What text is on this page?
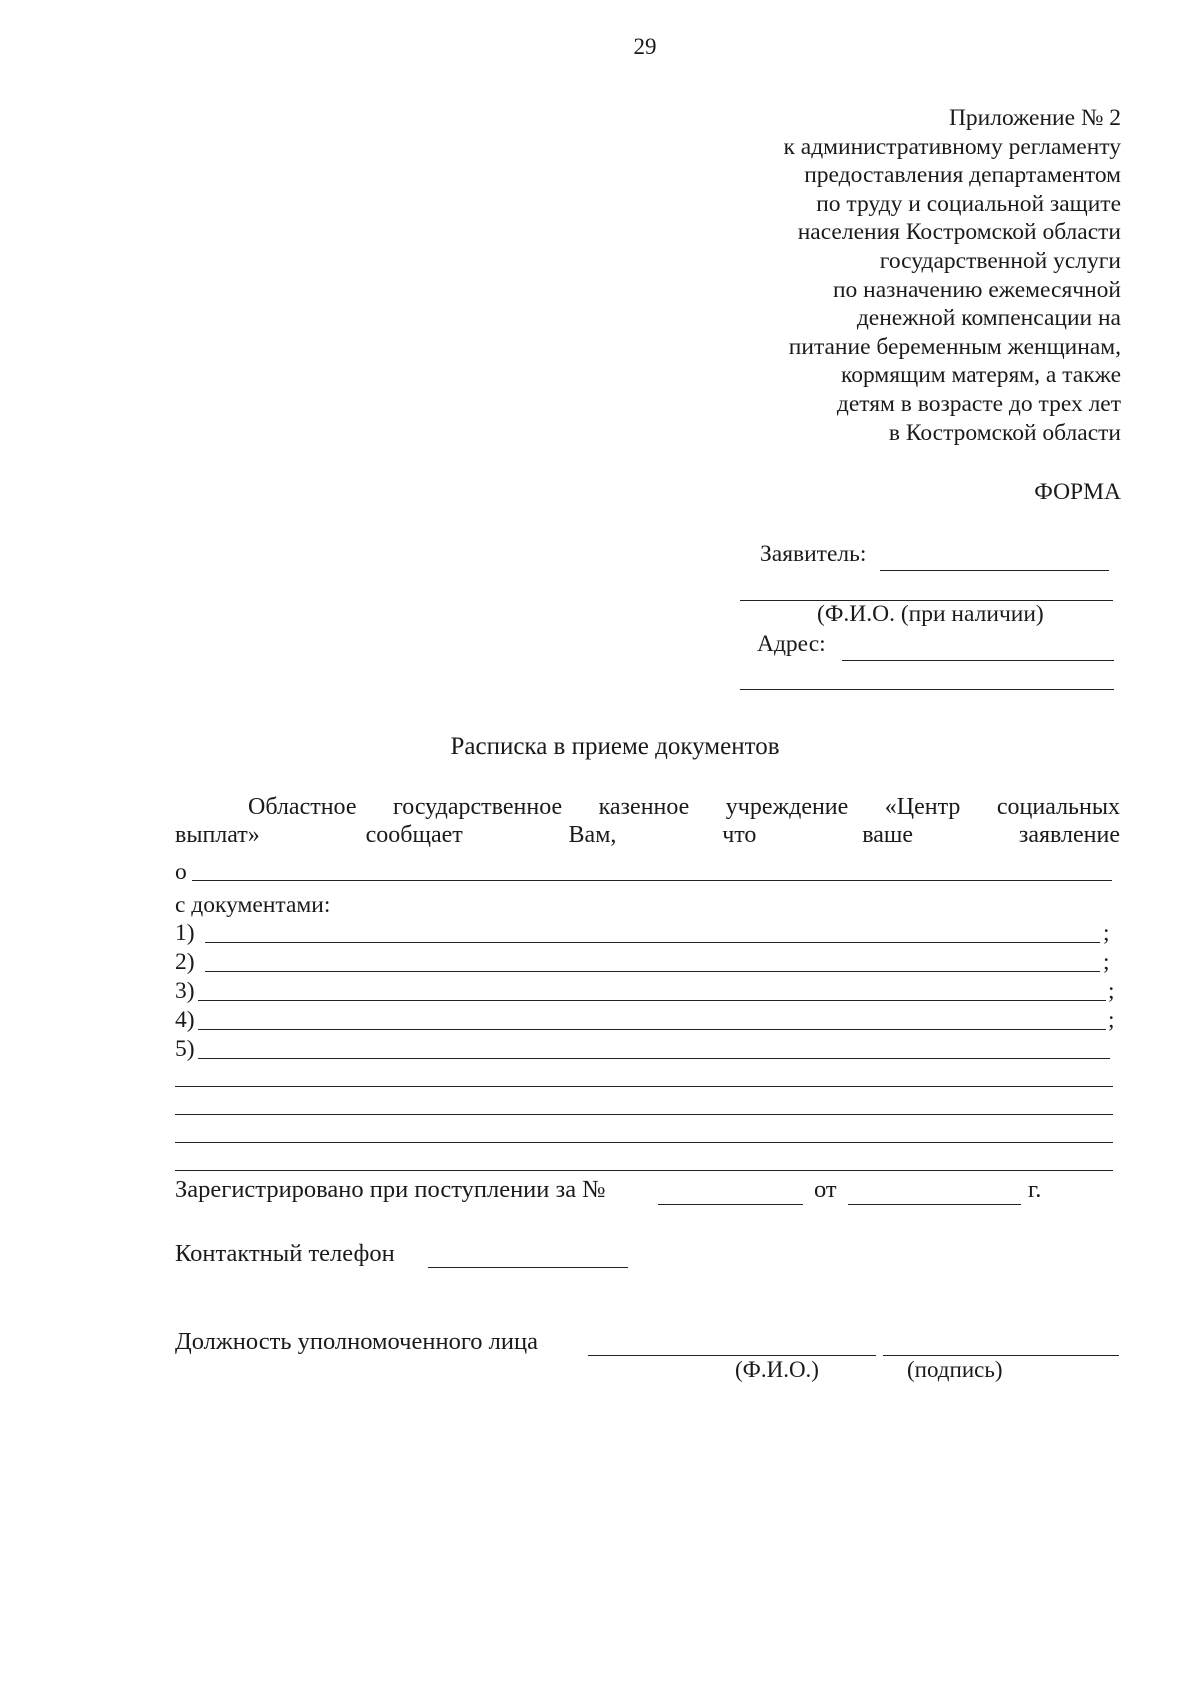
29
Приложение № 2
к административному регламенту
предоставления департаментом
по труду и социальной защите
населения Костромской области
государственной услуги
по назначению ежемесячной
денежной компенсации на
питание беременным женщинам,
кормящим матерям, а также
детям в возрасте до трех лет
в Костромской области
ФОРМА
Заявитель:
(Ф.И.О. (при наличии)
Адрес:
Расписка в приеме документов
Областное государственное казенное учреждение «Центр социальных
выплат»	сообщает	Вам,	что	ваше	заявление
о
с документами:
1)	;
2)	;
3)	;
4)	;
5)
Зарегистрировано при поступлении за №	от	г.
Контактный телефон
Должность уполномоченного лица
(Ф.И.О.)	(подпись)
